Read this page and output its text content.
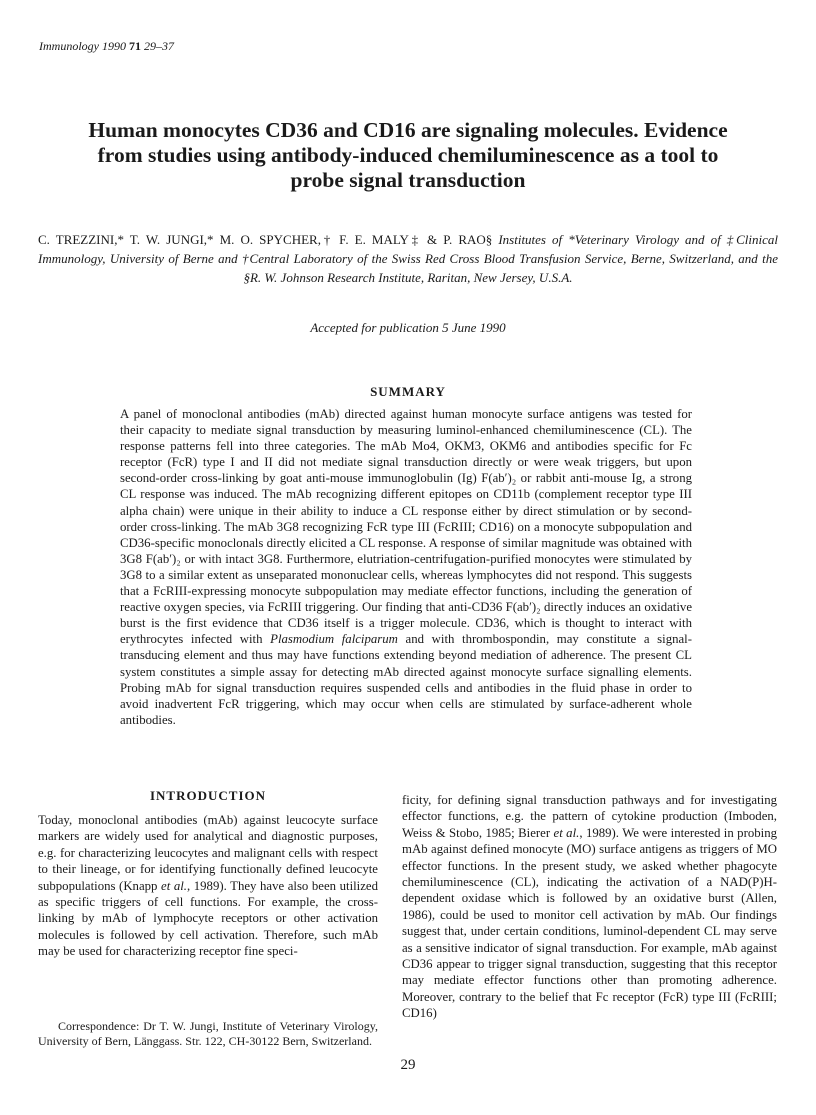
Immunology 1990 71 29–37
Human monocytes CD36 and CD16 are signaling molecules. Evidence from studies using antibody-induced chemiluminescence as a tool to probe signal transduction
C. TREZZINI,* T. W. JUNGI,* M. O. SPYCHER,† F. E. MALY‡ & P. RAO§ Institutes of *Veterinary Virology and of ‡Clinical Immunology, University of Berne and †Central Laboratory of the Swiss Red Cross Blood Transfusion Service, Berne, Switzerland, and the §R. W. Johnson Research Institute, Raritan, New Jersey, U.S.A.
Accepted for publication 5 June 1990
SUMMARY
A panel of monoclonal antibodies (mAb) directed against human monocyte surface antigens was tested for their capacity to mediate signal transduction by measuring luminol-enhanced chemiluminescence (CL). The response patterns fell into three categories. The mAb Mo4, OKM3, OKM6 and antibodies specific for Fc receptor (FcR) type I and II did not mediate signal transduction directly or were weak triggers, but upon second-order cross-linking by goat anti-mouse immunoglobulin (Ig) F(ab′)₂ or rabbit anti-mouse Ig, a strong CL response was induced. The mAb recognizing different epitopes on CD11b (complement receptor type III alpha chain) were unique in their ability to induce a CL response either by direct stimulation or by second-order cross-linking. The mAb 3G8 recognizing FcR type III (FcRIII; CD16) on a monocyte subpopulation and CD36-specific monoclonals directly elicited a CL response. A response of similar magnitude was obtained with 3G8 F(ab′)₂ or with intact 3G8. Furthermore, elutriation-centrifugation-purified monocytes were stimulated by 3G8 to a similar extent as unseparated mononuclear cells, whereas lymphocytes did not respond. This suggests that a FcRIII-expressing monocyte subpopulation may mediate effector functions, including the generation of reactive oxygen species, via FcRIII triggering. Our finding that anti-CD36 F(ab′)₂ directly induces an oxidative burst is the first evidence that CD36 itself is a trigger molecule. CD36, which is thought to interact with erythrocytes infected with Plasmodium falciparum and with thrombospondin, may constitute a signal-transducing element and thus may have functions extending beyond mediation of adherence. The present CL system constitutes a simple assay for detecting mAb directed against monocyte surface signalling elements. Probing mAb for signal transduction requires suspended cells and antibodies in the fluid phase in order to avoid inadvertent FcR triggering, which may occur when cells are stimulated by surface-adherent whole antibodies.
INTRODUCTION

Today, monoclonal antibodies (mAb) against leucocyte surface markers are widely used for analytical and diagnostic purposes, e.g. for characterizing leucocytes and malignant cells with respect to their lineage, or for identifying functionally defined leucocyte subpopulations (Knapp et al., 1989). They have also been utilized as specific triggers of cell functions. For example, the cross-linking by mAb of lymphocyte receptors or other activation molecules is followed by cell activation. Therefore, such mAb may be used for characterizing receptor fine speci-

ficity, for defining signal transduction pathways and for investigating effector functions, e.g. the pattern of cytokine production (Imboden, Weiss & Stobo, 1985; Bierer et al., 1989). We were interested in probing mAb against defined monocyte (MO) surface antigens as triggers of MO effector functions. In the present study, we asked whether phagocyte chemiluminescence (CL), indicating the activation of a NAD(P)H-dependent oxidase which is followed by an oxidative burst (Allen, 1986), could be used to monitor cell activation by mAb. Our findings suggest that, under certain conditions, luminol-dependent CL may serve as a sensitive indicator of signal transduction. For example, mAb against CD36 appear to trigger signal transduction, suggesting that this receptor may mediate effector functions other than promoting adherence. Moreover, contrary to the belief that Fc receptor (FcR) type III (FcRIII; CD16)

Correspondence: Dr T. W. Jungi, Institute of Veterinary Virology, University of Bern, Länggass. Str. 122, CH-30122 Bern, Switzerland.
29
